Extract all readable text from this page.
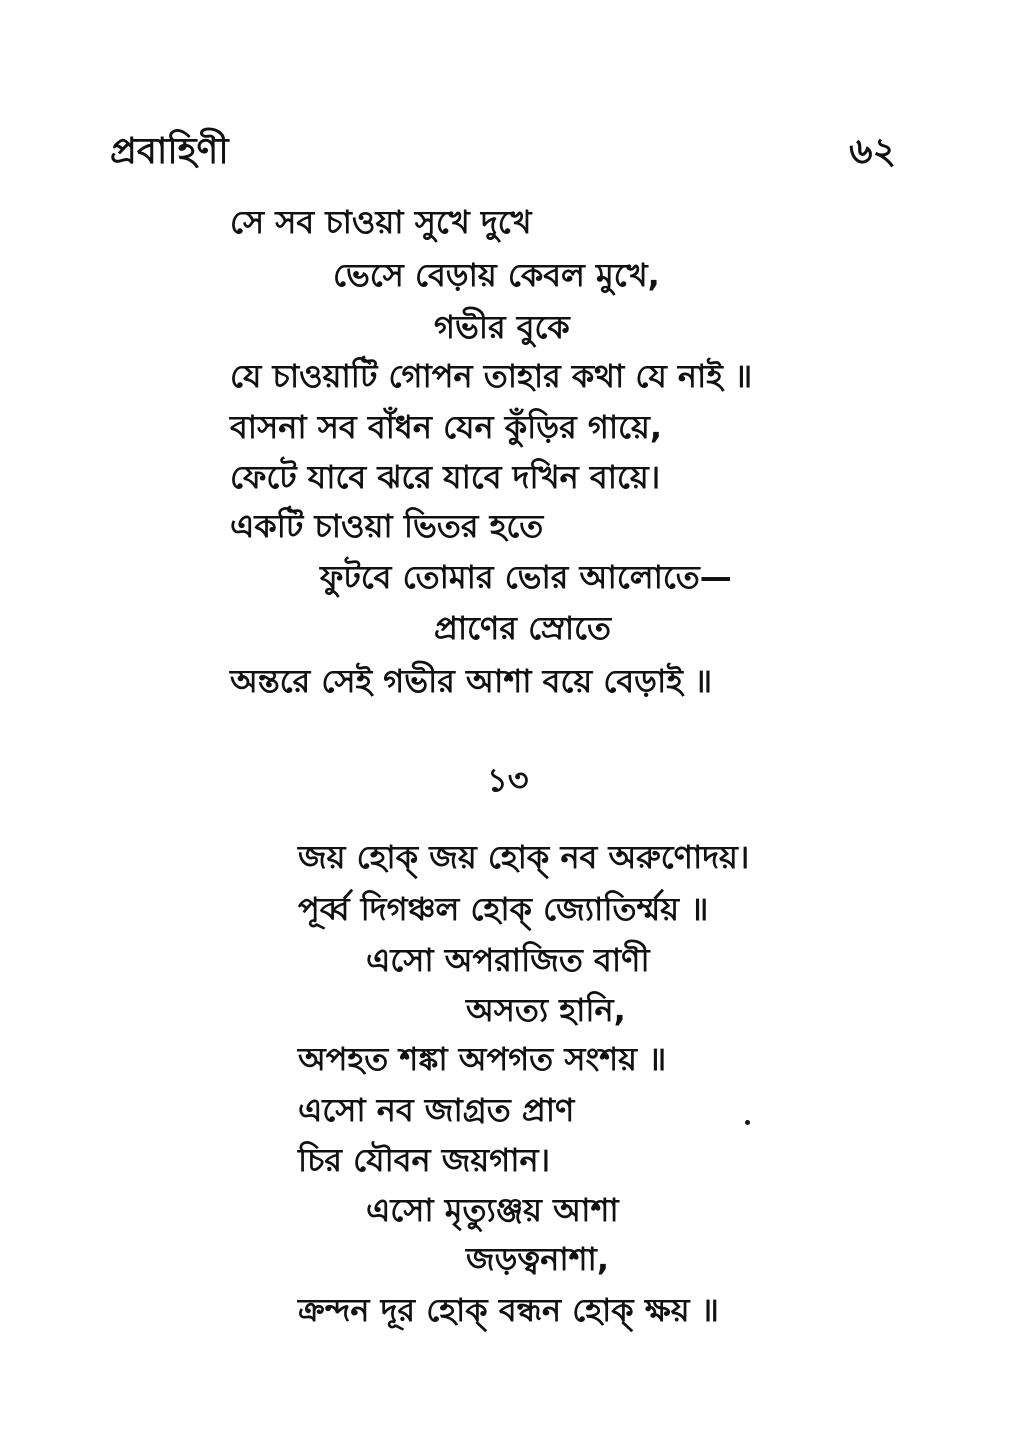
প্রবাহিণী	৬২
সে সব চাওয়া সুখে দুখে
ভেসে বেড়ায় কেবল মুখে,
গভীর বুকে
যে চাওয়াটি গোপন তাহার কথা যে নাই ॥
বাসনা সব বাঁধন যেন কুঁড়ির গায়ে,
ফেটে যাবে ঝরে যাবে দখিন বায়ে।
একটি চাওয়া ভিতর হতে
ফুটবে তোমার ভোর আলোতে—
প্রাণের স্রোতে
অন্তরে সেই গভীর আশা বয়ে বেড়াই ॥
১৩
জয় হোক্ জয় হোক্ নব অরুণোদয়।
পূর্ব্ব দিগঞ্চল হোক্ জ্যোতির্ম্ময় ॥
এসো অপরাজিত বাণী
অসত্য হানি,
অপহত শঙ্কা অপগত সংশয় ॥
এসো নব জাগ্রত প্রাণ
চির যৌবন জয়গান।
এসো মৃত্যুঞ্জয় আশা
জড়ত্বনাশা,
ক্রন্দন দূর হোক্ বন্ধন হোক্ ক্ষয় ॥
